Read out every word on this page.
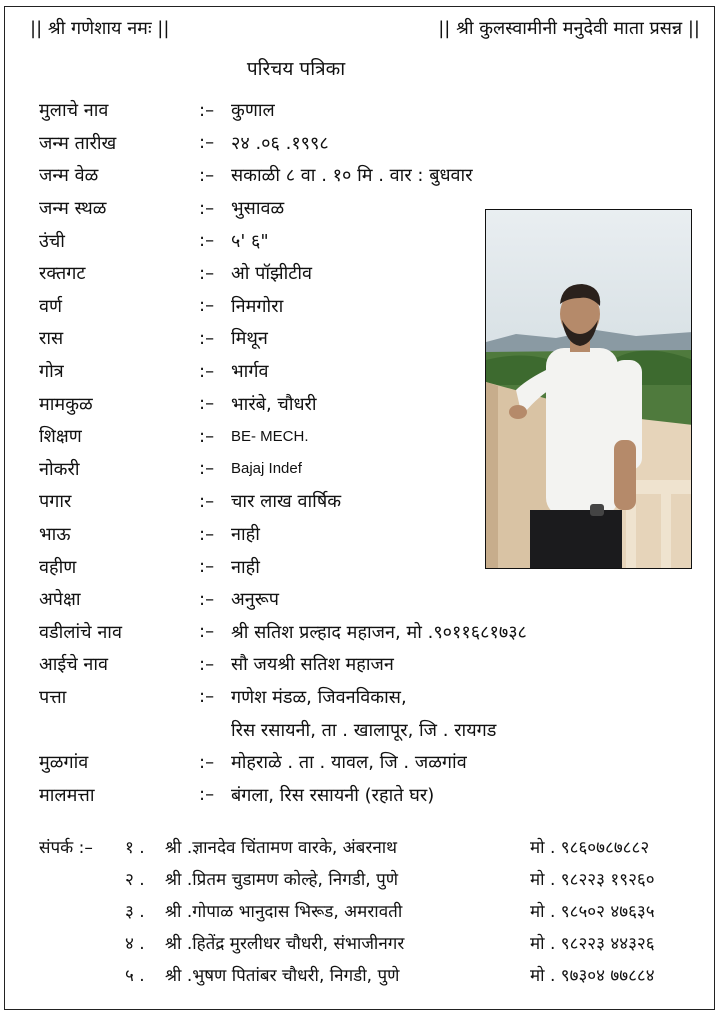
|| श्री गणेशाय नमः ||	|| श्री कुलस्वामीनी मनुदेवी माता प्रसन्न ||
परिचय पत्रिका
मुलाचे नाव	:– कुणाल
जन्म तारीख	:– २४ .०६ .१९९८
जन्म वेळ	:– सकाळी ८ वा . १० मि . वार : बुधवार
जन्म स्थळ	:– भुसावळ
उंची	:– ५' ६"
रक्तगट	:– ओ पॉझीटीव
वर्ण	:– निमगोरा
रास	:– मिथून
गोत्र	:– भार्गव
मामकुळ	:– भारंबे, चौधरी
शिक्षण	:–	BE- MECH.
नोकरी	:–	Bajaj Indef
पगार	:– चार लाख वार्षिक
भाऊ	:– नाही
वहीण	:– नाही
अपेक्षा	:– अनुरूप
वडीलांचे नाव	:– श्री सतिश प्रल्हाद महाजन, मो .९०११६८१७३८
आईचे नाव	:– सौ जयश्री सतिश महाजन
पत्ता	:– गणेश मंडळ, जिवनविकास,
रिस रसायनी, ता . खालापूर, जि . रायगड
मुळगांव	:– मोहराळे . ता . यावल, जि . जळगांव
मालमत्ता	:– बंगला, रिस रसायनी (रहाते घर)
संपर्क :–	१ .	श्री .ज्ञानदेव चिंतामण वारके, अंबरनाथ	मो . ९८६०७८७८८२
२ .	श्री .प्रितम चुडामण कोल्हे, निगडी, पुणे	मो . ९८२२३ १९२६०
३ .	श्री .गोपाळ भानुदास भिरूड, अमरावती	मो . ९८५०२ ४७६३५
४ .	श्री .हितेंद्र मुरलीधर चौधरी, संभाजीनगर	मो . ९८२२३ ४४३२६
५ .	श्री .भुषण पितांबर चौधरी, निगडी, पुणे	मो . ९७३०४ ७७८८४
